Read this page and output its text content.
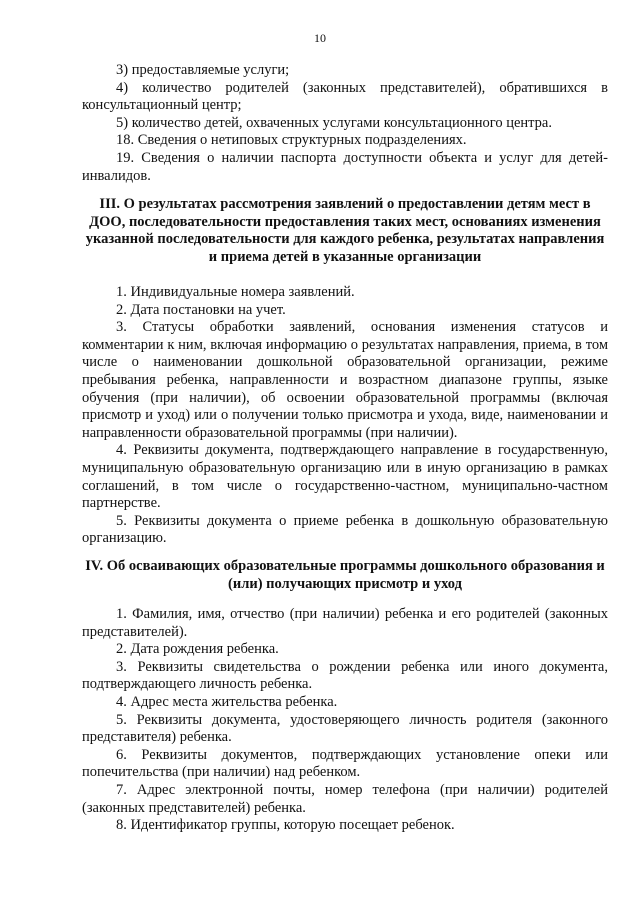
10

3) предоставляемые услуги;

4) количество родителей (законных представителей), обратившихся в консультационный центр;

5) количество детей, охваченных услугами консультационного центра.

18. Сведения о нетиповых структурных подразделениях.

19. Сведения о наличии паспорта доступности объекта и услуг для детей-инвалидов.

III. О результатах рассмотрения заявлений о предоставлении детям мест в ДОО, последовательности предоставления таких мест, основаниях изменения указанной последовательности для каждого ребенка, результатах направления и приема детей в указанные организации

1. Индивидуальные номера заявлений.

2. Дата постановки на учет.

3. Статусы обработки заявлений, основания изменения статусов и комментарии к ним, включая информацию о результатах направления, приема, в том числе о наименовании дошкольной образовательной организации, режиме пребывания ребенка, направленности и возрастном диапазоне группы, языке обучения (при наличии), об освоении образовательной программы (включая присмотр и уход) или о получении только присмотра и ухода, виде, наименовании и направленности образовательной программы (при наличии).

4. Реквизиты документа, подтверждающего направление в государственную, муниципальную образовательную организацию или в иную организацию в рамках соглашений, в том числе о государственно-частном, муниципально-частном партнерстве.

5. Реквизиты документа о приеме ребенка в дошкольную образовательную организацию.

IV. Об осваивающих образовательные программы дошкольного образования и (или) получающих присмотр и уход

1. Фамилия, имя, отчество (при наличии) ребенка и его родителей (законных представителей).

2. Дата рождения ребенка.

3. Реквизиты свидетельства о рождении ребенка или иного документа, подтверждающего личность ребенка.

4. Адрес места жительства ребенка.

5. Реквизиты документа, удостоверяющего личность родителя (законного представителя) ребенка.

6. Реквизиты документов, подтверждающих установление опеки или попечительства (при наличии) над ребенком.

7. Адрес электронной почты, номер телефона (при наличии) родителей (законных представителей) ребенка.

8. Идентификатор группы, которую посещает ребенок.
